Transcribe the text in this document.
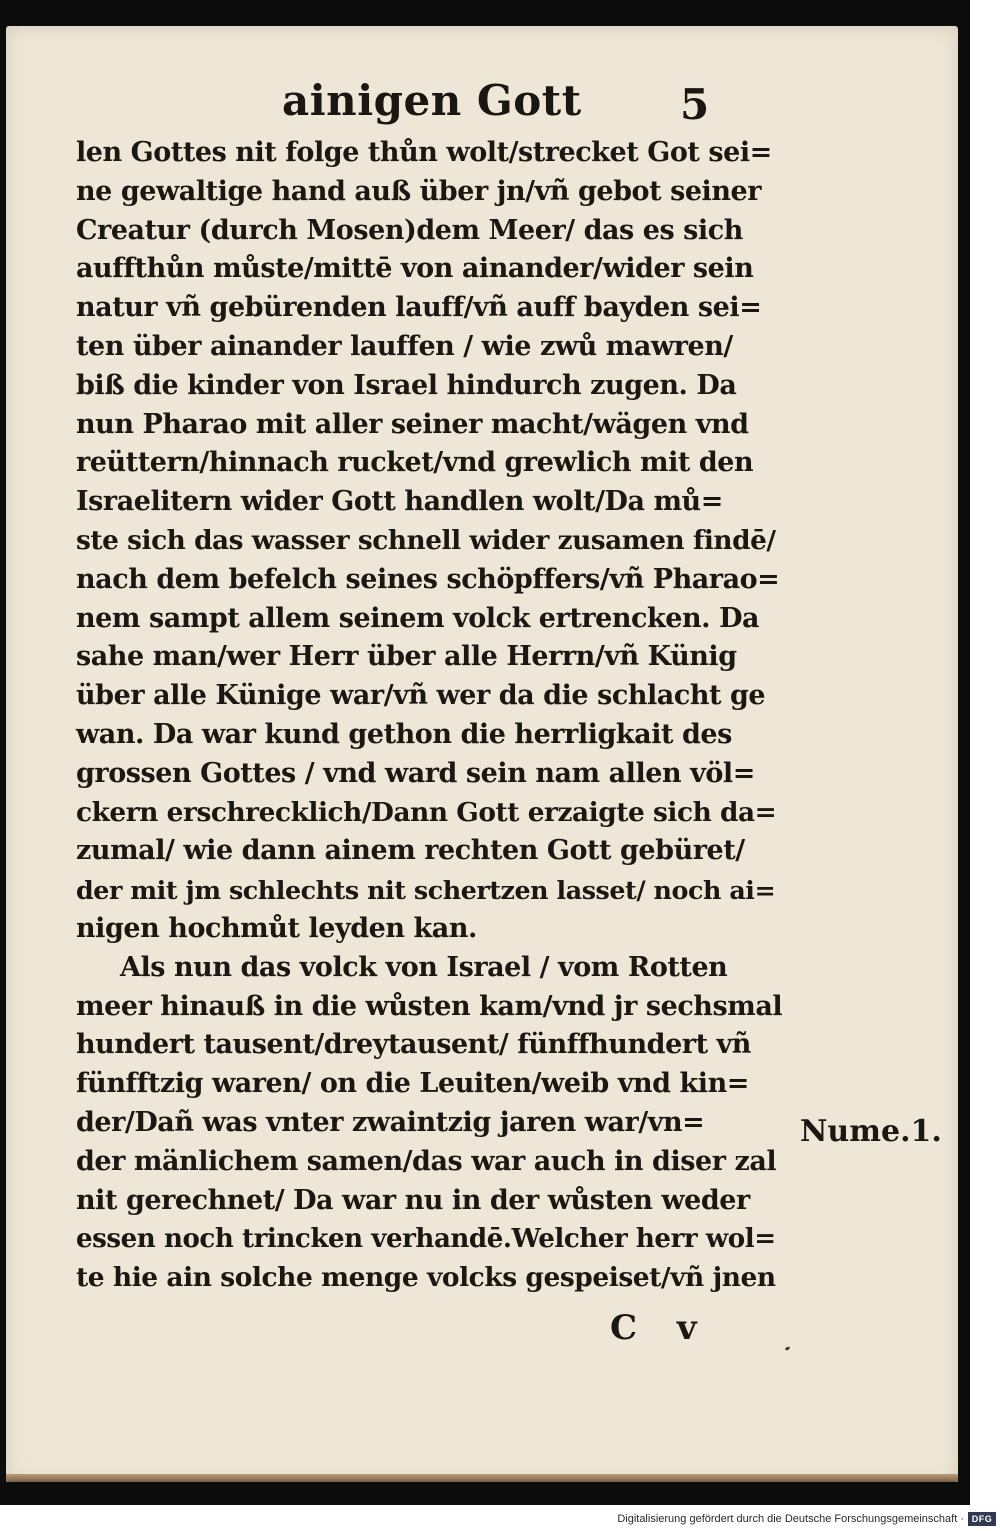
ainigen Gott 5
len Gottes nit folge thůn wolt/strecket Got sei=
ne gewaltige hand auß über jn/vñ gebot seiner
Creatur (durch Mosen)dem Meer/ das es sich
auffthůn můste/mittē von ainander/wider sein
natur vñ gebürenden lauff/vñ auff bayden sei=
ten über ainander lauffen / wie zwů mawren/
biß die kinder von Israel hindurch zugen. Da
nun Pharao mit aller seiner macht/wägen vnd
reüttern/hinnach rucket/vnd grewlich mit den
Israelitern wider Gott handlen wolt/Da mů=
ste sich das wasser schnell wider zusamen findē/
nach dem befelch seines schöpffers/vñ Pharao=
nem sampt allem seinem volck ertrencken. Da
sahe man/wer Herr über alle Herrn/vñ Künig
über alle Künige war/vñ wer da die schlacht ge
wan. Da war kund gethon die herrligkait des
grossen Gottes / vnd ward sein nam allen völ=
ckern erschrecklich/Dann Gott erzaigte sich da=
zumal/ wie dann ainem rechten Gott gebüret/
der mit jm schlechts nit schertzen lasset/ noch ai=
nigen hochmůt leyden kan.
Als nun das volck von Israel / vom Rotten
meer hinauß in die wůsten kam/vnd jr sechsmal
hundert tausent/dreytausent/ fünffhundert vñ
fünfftzig waren/ on die Leuiten/weib vnd kin=
der/Dañ was vnter zwaintzig jaren war/vn=
der mänlichem samen/das war auch in diser zal
nit gerechnet/ Da war nu in der wůsten weder
essen noch trincken verhandē.Welcher herr wol=
te hie ain solche menge volcks gespeiset/vñ jnen
Nume.1.
C v
Digitalisierung gefördert durch die Deutsche Forschungsgemeinschaft · DFG
